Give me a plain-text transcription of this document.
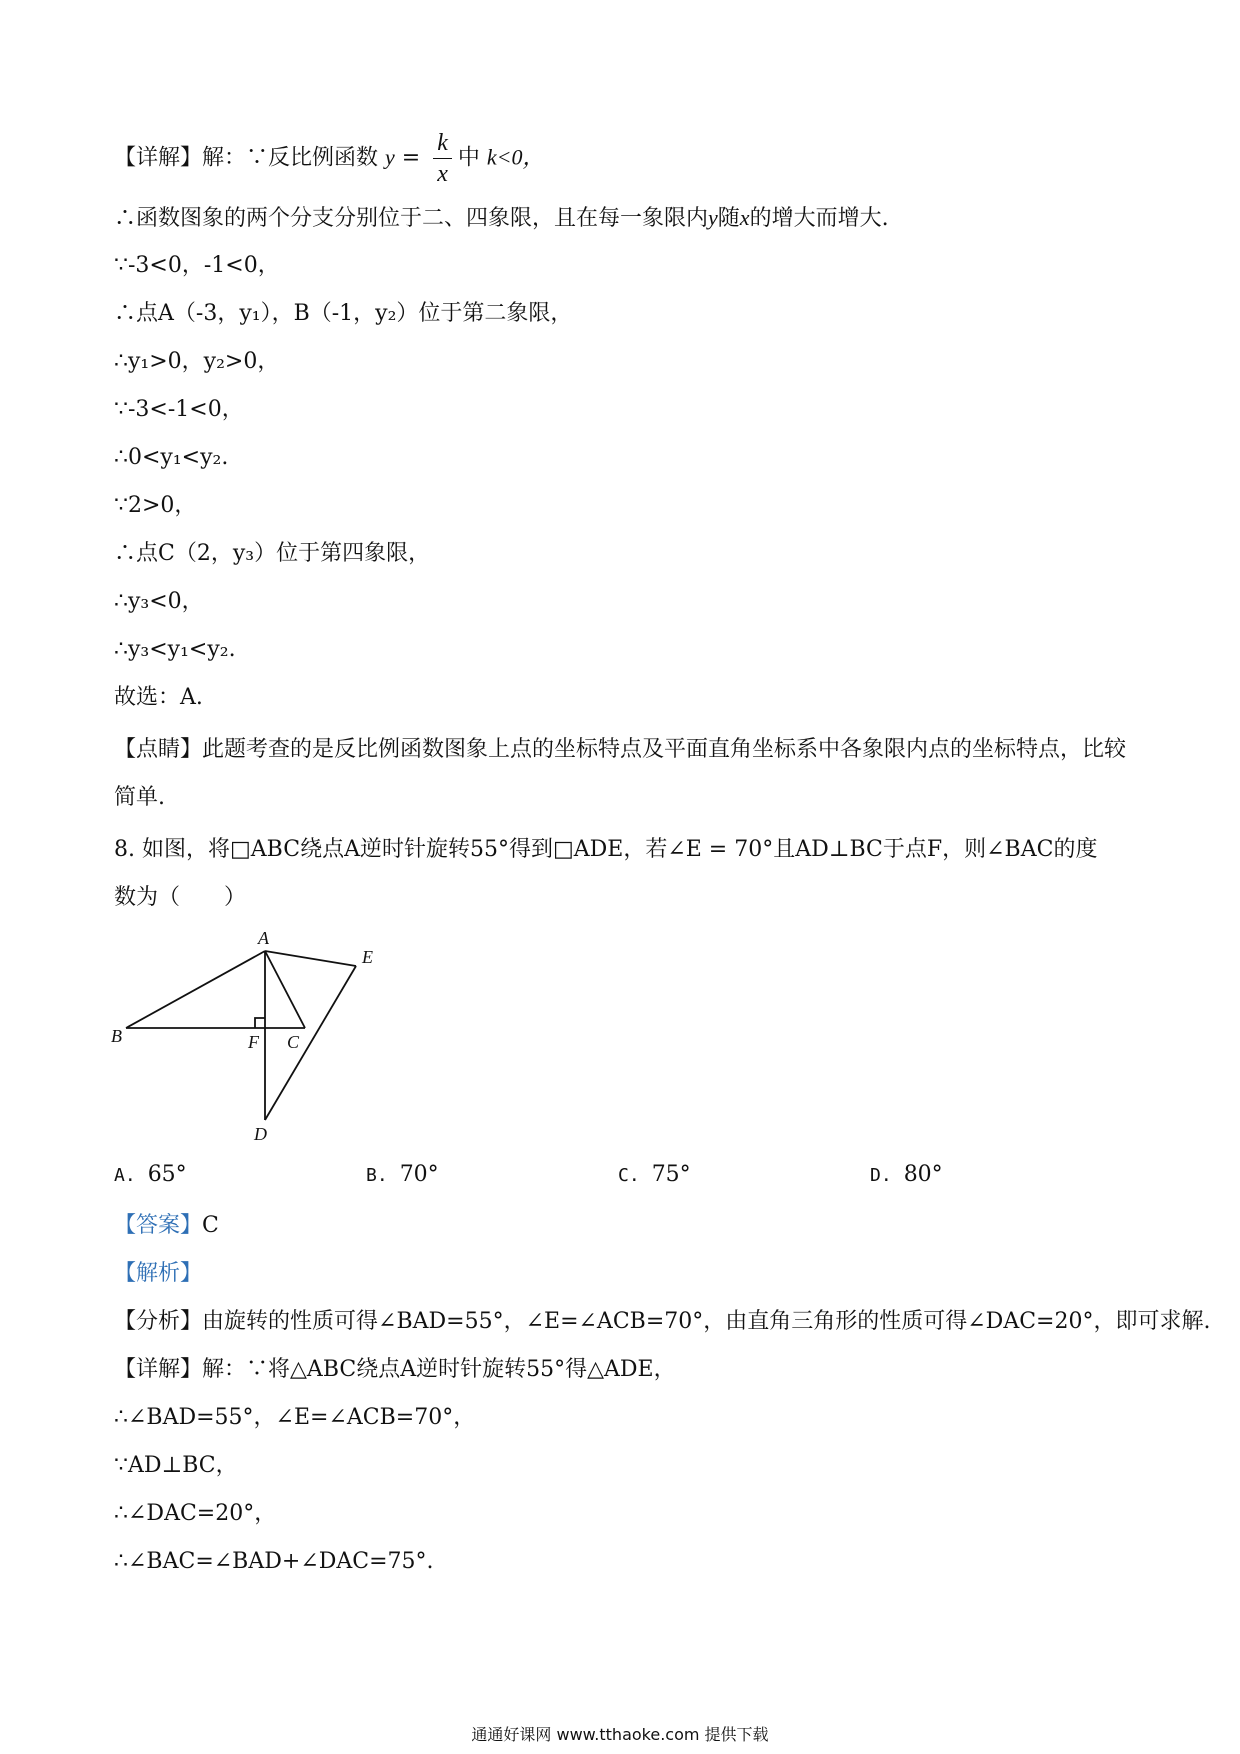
【详解】解：∵反比例函数 $y = \frac{k}{x}$ 中 k<0，
∴函数图象的两个分支分别位于二、四象限，且在每一象限内y随x的增大而增大.
∵-3<0，-1<0，
∴点A（-3，y₁），B（-1，y₂）位于第二象限，
∴y₁>0，y₂>0，
∵-3<-1<0，
∴0<y₁<y₂.
∵2>0，
∴点C（2，y₃）位于第四象限，
∴y₃<0，
∴y₃<y₁<y₂.
故选：A.
【点睛】此题考查的是反比例函数图象上点的坐标特点及平面直角坐标系中各象限内点的坐标特点，比较
简单.
8. 如图，将□ABC绕点A逆时针旋转55°得到□ADE，若∠E = 70°且AD⊥BC于点F，则∠BAC的度
数为（　　）
A
B	C
D
E
F
A. 65°	B. 70°	C. 75°	D. 80°
【答案】C
【解析】
【分析】由旋转的性质可得∠BAD=55°，∠E=∠ACB=70°，由直角三角形的性质可得∠DAC=20°，即可求解.
【详解】解：∵将△ABC绕点A逆时针旋转55°得△ADE，
∴∠BAD=55°，∠E=∠ACB=70°，
∵AD⊥BC，
∴∠DAC=20°，
∴∠BAC=∠BAD+∠DAC=75°.
通通好课网 www.tthaoke.com 提供下载
